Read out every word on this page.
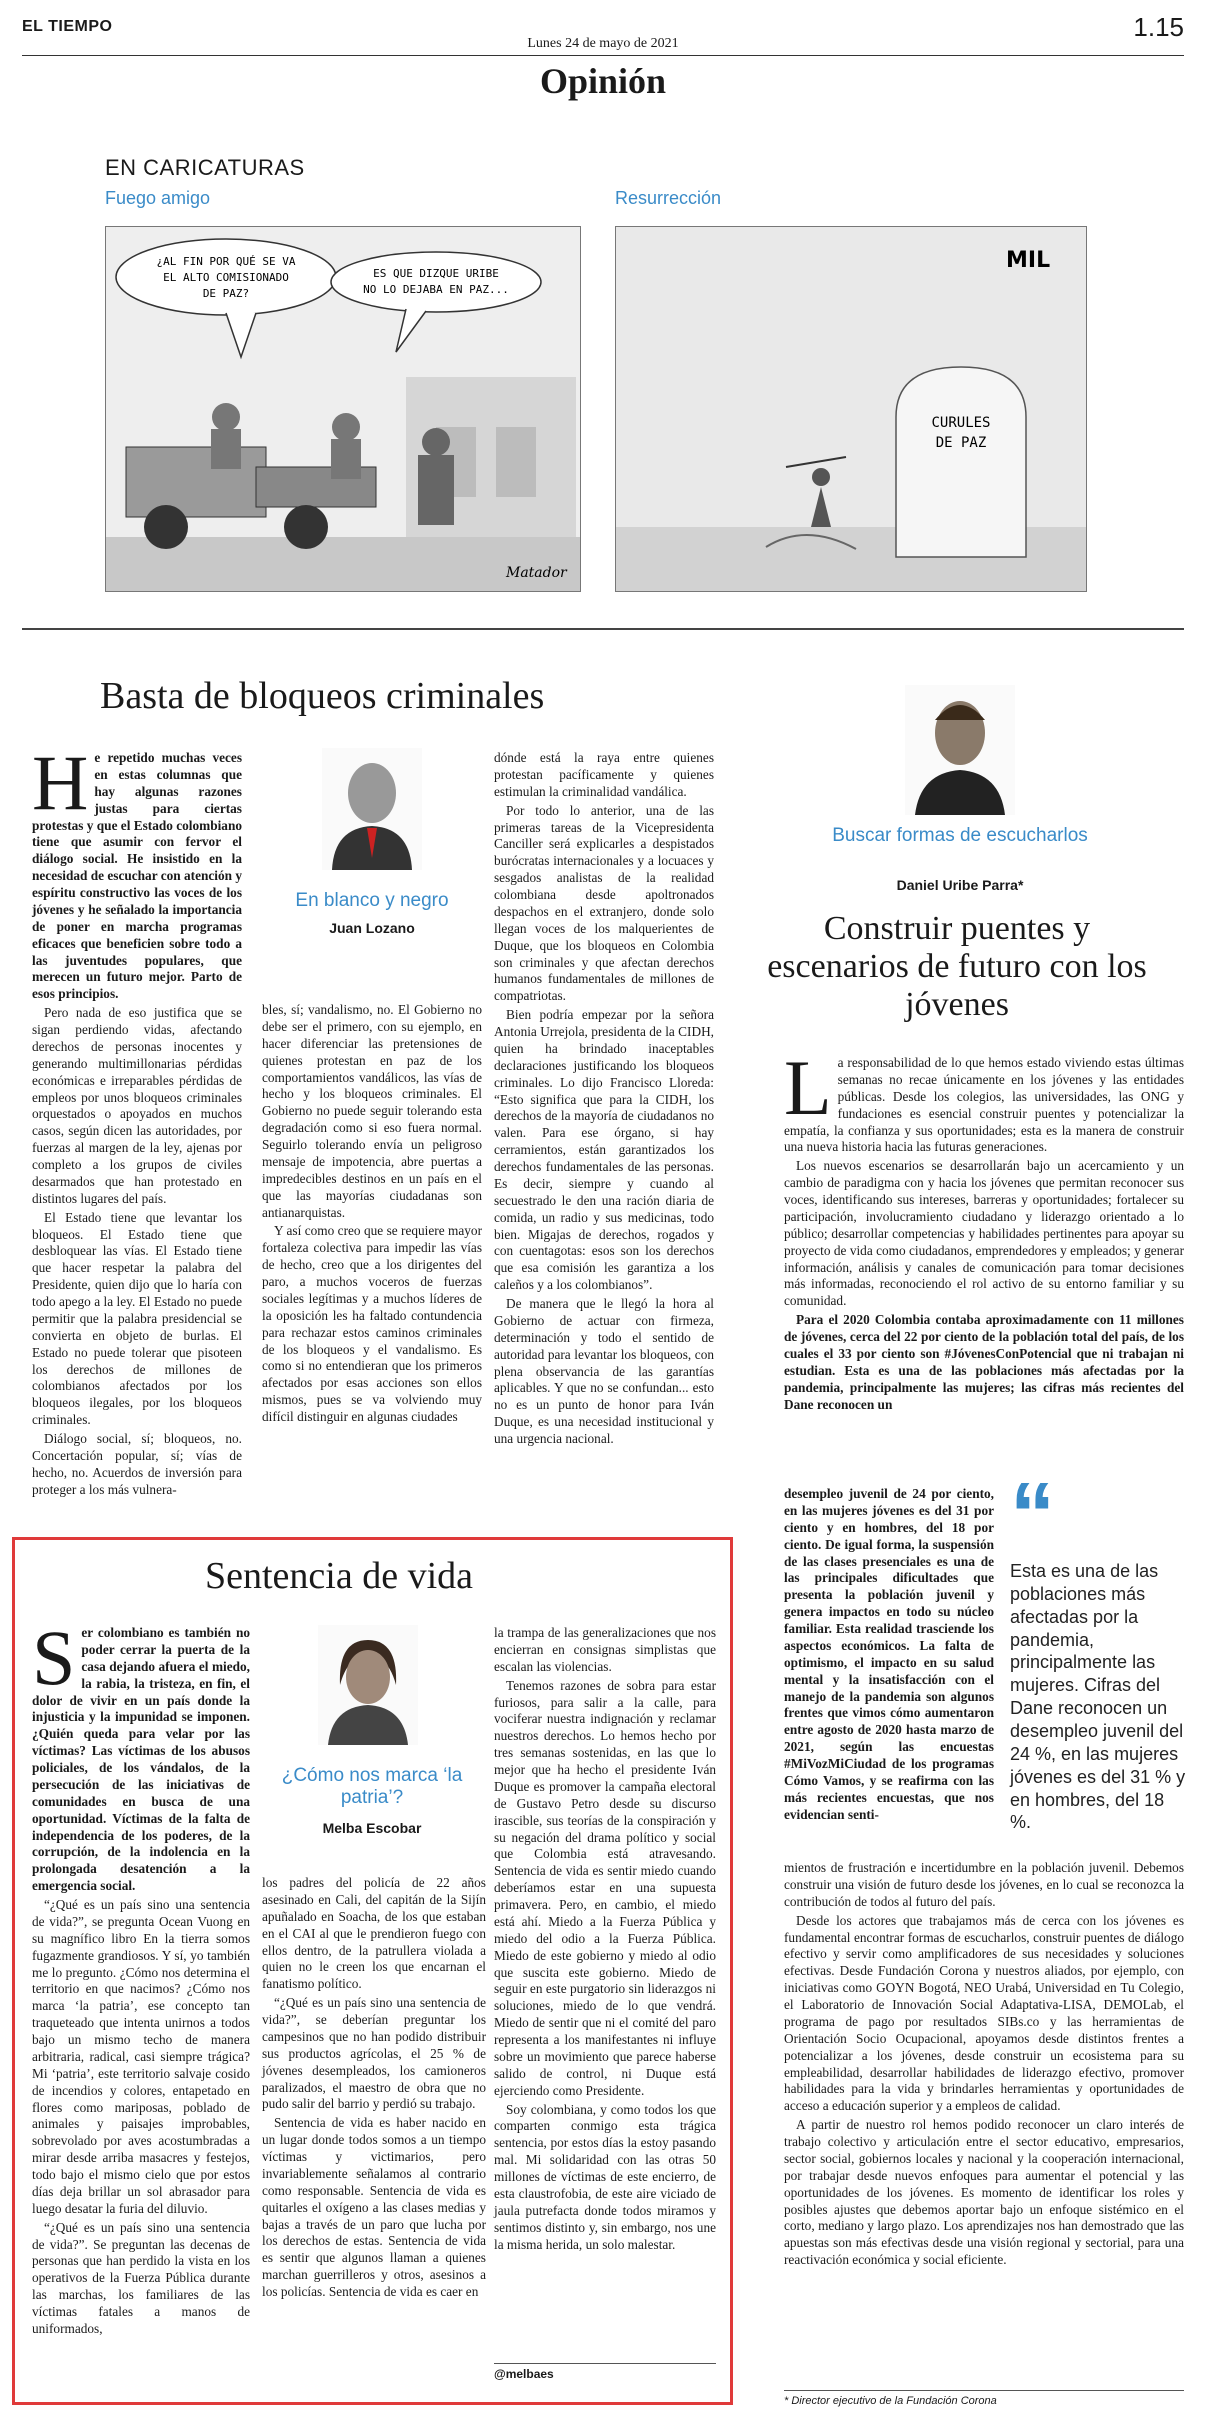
EL TIEMPO
Lunes 24 de mayo de 2021
1.15
Opinión
EN CARICATURAS
Fuego amigo	Resurrección
¿AL FIN POR QUÉ SE VA
EL ALTO COMISIONADO
DE PAZ?
ES QUE DIZQUE URIBE
NO LO DEJABA EN PAZ...
Matador
CURULES
DE PAZ
MIL
Basta de bloqueos criminales

He repetido muchas veces en estas columnas que hay algunas razones justas para ciertas protestas y que el Estado colombiano tiene que asumir con fervor el diálogo social. He insistido en la necesidad de escuchar con atención y espíritu constructivo las voces de los jóvenes y he señalado la importancia de poner en marcha programas eficaces que beneficien sobre todo a las juventudes populares, que merecen un futuro mejor. Parto de esos principios.

Pero nada de eso justifica que se sigan perdiendo vidas, afectando derechos de personas inocentes y generando multimillonarias pérdidas económicas e irreparables pérdidas de empleos por unos bloqueos criminales orquestados o apoyados en muchos casos, según dicen las autoridades, por fuerzas al margen de la ley, ajenas por completo a los grupos de civiles desarmados que han protestado en distintos lugares del país.

El Estado tiene que levantar los bloqueos. El Estado tiene que desbloquear las vías. El Estado tiene que hacer respetar la palabra del Presidente, quien dijo que lo haría con todo apego a la ley. El Estado no puede permitir que la palabra presidencial se convierta en objeto de burlas. El Estado no puede tolerar que pisoteen los derechos de millones de colombianos afectados por los bloqueos ilegales, por los bloqueos criminales.

Diálogo social, sí; bloqueos, no. Concertación popular, sí; vías de hecho, no. Acuerdos de inversión para proteger a los más vulnera-

En blanco y negro
Juan Lozano

bles, sí; vandalismo, no. El Gobierno no debe ser el primero, con su ejemplo, en hacer diferenciar las pretensiones de quienes protestan en paz de los comportamientos vandálicos, las vías de hecho y los bloqueos criminales. El Gobierno no puede seguir tolerando esta degradación como si eso fuera normal. Seguirlo tolerando envía un peligroso mensaje de impotencia, abre puertas a impredecibles destinos en un país en el que las mayorías ciudadanas son antianarquistas.

Y así como creo que se requiere mayor fortaleza colectiva para impedir las vías de hecho, creo que a los dirigentes del paro, a muchos voceros de fuerzas sociales legítimas y a muchos líderes de la oposición les ha faltado contundencia para rechazar estos caminos criminales de los bloqueos y el vandalismo. Es como si no entendieran que los primeros afectados por esas acciones son ellos mismos, pues se va volviendo muy difícil distinguir en algunas ciudades

dónde está la raya entre quienes protestan pacíficamente y quienes estimulan la criminalidad vandálica.

Por todo lo anterior, una de las primeras tareas de la Vicepresidenta Canciller será explicarles a despistados burócratas internacionales y a locuaces y sesgados analistas de la realidad colombiana desde apoltronados despachos en el extranjero, donde solo llegan voces de los malquerientes de Duque, que los bloqueos en Colombia son criminales y que afectan derechos humanos fundamentales de millones de compatriotas.

Bien podría empezar por la señora Antonia Urrejola, presidenta de la CIDH, quien ha brindado inaceptables declaraciones justificando los bloqueos criminales. Lo dijo Francisco Lloreda: “Esto significa que para la CIDH, los derechos de la mayoría de ciudadanos no valen. Para ese órgano, si hay cerramientos, están garantizados los derechos fundamentales de las personas. Es decir, siempre y cuando al secuestrado le den una ración diaria de comida, un radio y sus medicinas, todo bien. Migajas de derechos, rogados y con cuentagotas: esos son los derechos que esa comisión les garantiza a los caleños y a los colombianos”.

De manera que le llegó la hora al Gobierno de actuar con firmeza, determinación y todo el sentido de autoridad para levantar los bloqueos, con plena observancia de las garantías aplicables. Y que no se confundan... esto no es un punto de honor para Iván Duque, es una necesidad institucional y una urgencia nacional.

Buscar formas de escucharlos
Daniel Uribe Parra*
Construir puentes y escenarios de futuro con los jóvenes

La responsabilidad de lo que hemos estado viviendo estas últimas semanas no recae únicamente en los jóvenes y las entidades públicas. Desde los colegios, las universidades, las ONG y fundaciones es esencial construir puentes y potencializar la empatía, la confianza y sus oportunidades; esta es la manera de construir una nueva historia hacia las futuras generaciones.

Los nuevos escenarios se desarrollarán bajo un acercamiento y un cambio de paradigma con y hacia los jóvenes que permitan reconocer sus voces, identificando sus intereses, barreras y oportunidades; fortalecer su participación, involucramiento ciudadano y liderazgo orientado a lo público; desarrollar competencias y habilidades pertinentes para apoyar su proyecto de vida como ciudadanos, emprendedores y empleados; y generar información, análisis y canales de comunicación para tomar decisiones más informadas, reconociendo el rol activo de su entorno familiar y su comunidad.

Para el 2020 Colombia contaba aproximadamente con 11 millones de jóvenes, cerca del 22 por ciento de la población total del país, de los cuales el 33 por ciento son #JóvenesConPotencial que ni trabajan ni estudian. Esta es una de las poblaciones más afectadas por la pandemia, principalmente las mujeres; las cifras más recientes del Dane reconocen un

desempleo juvenil de 24 por ciento, en las mujeres jóvenes es del 31 por ciento y en hombres, del 18 por ciento. De igual forma, la suspensión de las clases presenciales es una de las principales dificultades que presenta la población juvenil y genera impactos en todo su núcleo familiar. Esta realidad trasciende los aspectos económicos. La falta de optimismo, el impacto en su salud mental y la insatisfacción con el manejo de la pandemia son algunos frentes que vimos cómo aumentaron entre agosto de 2020 hasta marzo de 2021, según las encuestas #MiVozMiCiudad de los programas Cómo Vamos, y se reafirma con las más recientes encuestas, que nos evidencian senti-
“
Esta es una de las poblaciones más afectadas por la pandemia, principalmente las mujeres. Cifras del Dane reconocen un desempleo juvenil del 24 %, en las mujeres jóvenes es del 31 % y en hombres, del 18 %.

mientos de frustración e incertidumbre en la población juvenil. Debemos construir una visión de futuro desde los jóvenes, en lo cual se reconozca la contribución de todos al futuro del país.

Desde los actores que trabajamos más de cerca con los jóvenes es fundamental encontrar formas de escucharlos, construir puentes de diálogo efectivo y servir como amplificadores de sus necesidades y soluciones efectivas. Desde Fundación Corona y nuestros aliados, por ejemplo, con iniciativas como GOYN Bogotá, NEO Urabá, Universidad en Tu Colegio, el Laboratorio de Innovación Social Adaptativa-LISA, DEMOLab, el programa de pago por resultados SIBs.co y las herramientas de Orientación Socio Ocupacional, apoyamos desde distintos frentes a potencializar a los jóvenes, desde construir un ecosistema para su empleabilidad, desarrollar habilidades de liderazgo efectivo, promover habilidades para la vida y brindarles herramientas y oportunidades de acceso a educación superior y a empleos de calidad.

A partir de nuestro rol hemos podido reconocer un claro interés de trabajo colectivo y articulación entre el sector educativo, empresarios, sector social, gobiernos locales y nacional y la cooperación internacional, por trabajar desde nuevos enfoques para aumentar el potencial y las oportunidades de los jóvenes. Es momento de identificar los roles y posibles ajustes que debemos aportar bajo un enfoque sistémico en el corto, mediano y largo plazo. Los aprendizajes nos han demostrado que las apuestas son más efectivas desde una visión regional y sectorial, para una reactivación económica y social eficiente.

* Director ejecutivo de la Fundación Corona
Sentencia de vida

Ser colombiano es también no poder cerrar la puerta de la casa dejando afuera el miedo, la rabia, la tristeza, en fin, el dolor de vivir en un país donde la injusticia y la impunidad se imponen. ¿Quién queda para velar por las víctimas? Las víctimas de los abusos policiales, de los vándalos, de la persecución de las iniciativas de comunidades en busca de una oportunidad. Víctimas de la falta de independencia de los poderes, de la corrupción, de la indolencia en la prolongada desatención a la emergencia social.

“¿Qué es un país sino una sentencia de vida?”, se pregunta Ocean Vuong en su magnífico libro En la tierra somos fugazmente grandiosos. Y sí, yo también me lo pregunto. ¿Cómo nos determina el territorio en que nacimos? ¿Cómo nos marca ‘la patria’, ese concepto tan traqueteado que intenta unirnos a todos bajo un mismo techo de manera arbitraria, radical, casi siempre trágica? Mi ‘patria’, este territorio salvaje cosido de incendios y colores, entapetado en flores como mariposas, poblado de animales y paisajes improbables, sobrevolado por aves acostumbradas a mirar desde arriba masacres y festejos, todo bajo el mismo cielo que por estos días deja brillar un sol abrasador para luego desatar la furia del diluvio.

“¿Qué es un país sino una sentencia de vida?”. Se preguntan las decenas de personas que han perdido la vista en los operativos de la Fuerza Pública durante las marchas, los familiares de las víctimas fatales a manos de uniformados,

¿Cómo nos marca ‘la patria’?
Melba Escobar

los padres del policía de 22 años asesinado en Cali, del capitán de la Sijín apuñalado en Soacha, de los que estaban en el CAI al que le prendieron fuego con ellos dentro, de la patrullera violada a quien no le creen los que encarnan el fanatismo político.

“¿Qué es un país sino una sentencia de vida?”, se deberían preguntar los campesinos que no han podido distribuir sus productos agrícolas, el 25 % de jóvenes desempleados, los camioneros paralizados, el maestro de obra que no pudo salir del barrio y perdió su trabajo.

Sentencia de vida es haber nacido en un lugar donde todos somos a un tiempo víctimas y victimarios, pero invariablemente señalamos al contrario como responsable. Sentencia de vida es quitarles el oxígeno a las clases medias y bajas a través de un paro que lucha por los derechos de estas. Sentencia de vida es sentir que algunos llaman a quienes marchan guerrilleros y otros, asesinos a los policías. Sentencia de vida es caer en

la trampa de las generalizaciones que nos encierran en consignas simplistas que escalan las violencias.

Tenemos razones de sobra para estar furiosos, para salir a la calle, para vociferar nuestra indignación y reclamar nuestros derechos. Lo hemos hecho por tres semanas sostenidas, en las que lo mejor que ha hecho el presidente Iván Duque es promover la campaña electoral de Gustavo Petro desde su discurso irascible, sus teorías de la conspiración y su negación del drama político y social que Colombia está atravesando. Sentencia de vida es sentir miedo cuando deberíamos estar en una supuesta primavera. Pero, en cambio, el miedo está ahí. Miedo a la Fuerza Pública y miedo del odio a la Fuerza Pública. Miedo de este gobierno y miedo al odio que suscita este gobierno. Miedo de seguir en este purgatorio sin liderazgos ni soluciones, miedo de lo que vendrá. Miedo de sentir que ni el comité del paro representa a los manifestantes ni influye sobre un movimiento que parece haberse salido de control, ni Duque está ejerciendo como Presidente.

Soy colombiana, y como todos los que comparten conmigo esta trágica sentencia, por estos días la estoy pasando mal. Mi solidaridad con las otras 50 millones de víctimas de este encierro, de esta claustrofobia, de este aire viciado de jaula putrefacta donde todos miramos y sentimos distinto y, sin embargo, nos une la misma herida, un solo malestar.

@melbaes
